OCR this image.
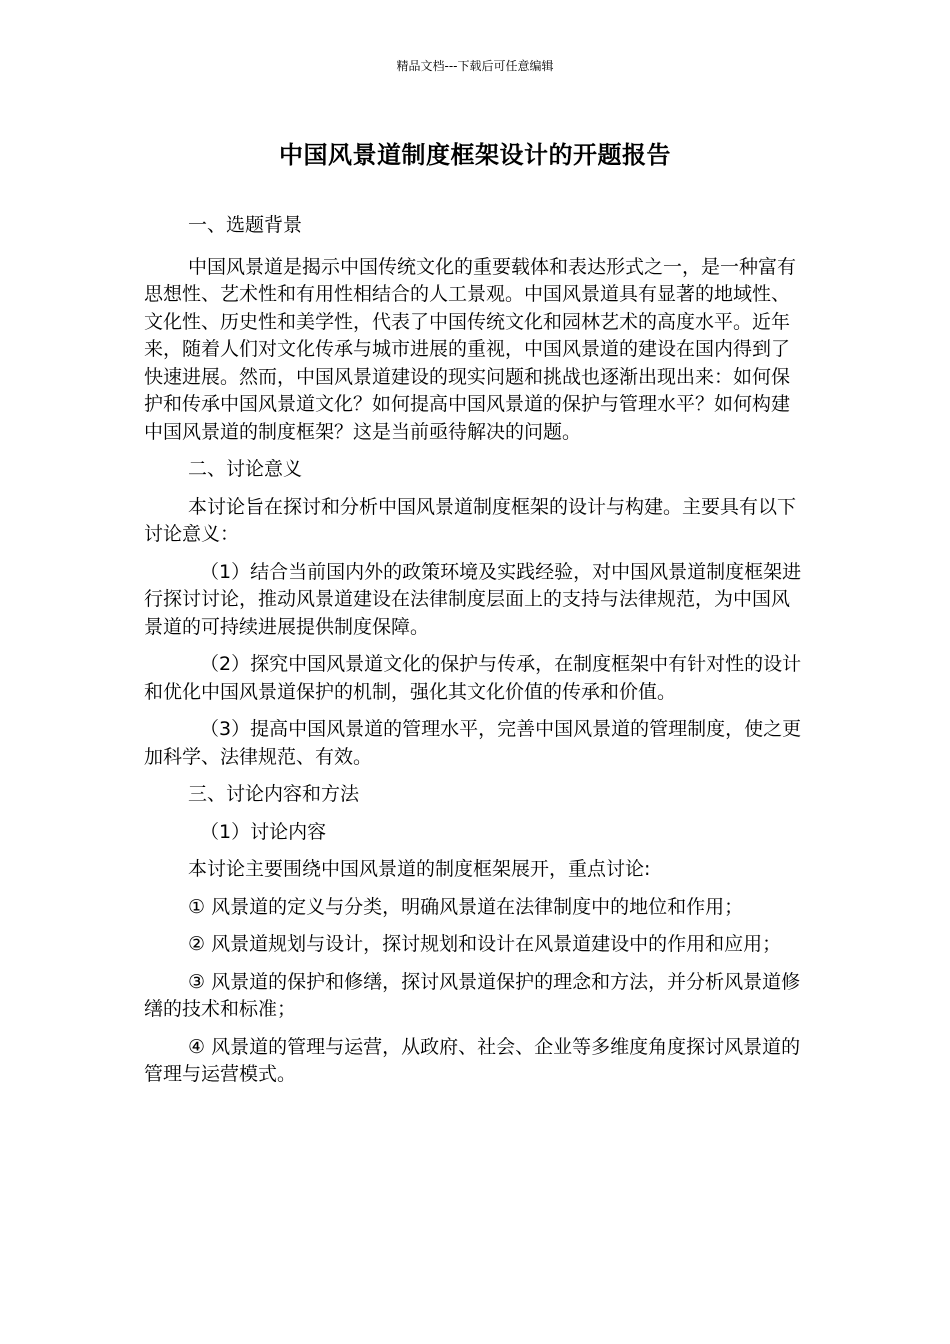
精品文档---下载后可任意编辑
中国风景道制度框架设计的开题报告

一、选题背景

中国风景道是揭示中国传统文化的重要载体和表达形式之一，是一种富有思想性、艺术性和有用性相结合的人工景观。中国风景道具有显著的地域性、文化性、历史性和美学性，代表了中国传统文化和园林艺术的高度水平。近年来，随着人们对文化传承与城市进展的重视，中国风景道的建设在国内得到了快速进展。然而，中国风景道建设的现实问题和挑战也逐渐出现出来：如何保护和传承中国风景道文化？如何提高中国风景道的保护与管理水平？如何构建中国风景道的制度框架？这是当前亟待解决的问题。

二、讨论意义

本讨论旨在探讨和分析中国风景道制度框架的设计与构建。主要具有以下讨论意义：

（1）结合当前国内外的政策环境及实践经验，对中国风景道制度框架进行探讨讨论，推动风景道建设在法律制度层面上的支持与法律规范，为中国风景道的可持续进展提供制度保障。

（2）探究中国风景道文化的保护与传承，在制度框架中有针对性的设计和优化中国风景道保护的机制，强化其文化价值的传承和价值。

（3）提高中国风景道的管理水平，完善中国风景道的管理制度，使之更加科学、法律规范、有效。

三、讨论内容和方法

（1）讨论内容

本讨论主要围绕中国风景道的制度框架展开，重点讨论:

① 风景道的定义与分类，明确风景道在法律制度中的地位和作用；

② 风景道规划与设计，探讨规划和设计在风景道建设中的作用和应用；

③ 风景道的保护和修缮，探讨风景道保护的理念和方法，并分析风景道修缮的技术和标准；

④ 风景道的管理与运营，从政府、社会、企业等多维度角度探讨风景道的管理与运营模式。
